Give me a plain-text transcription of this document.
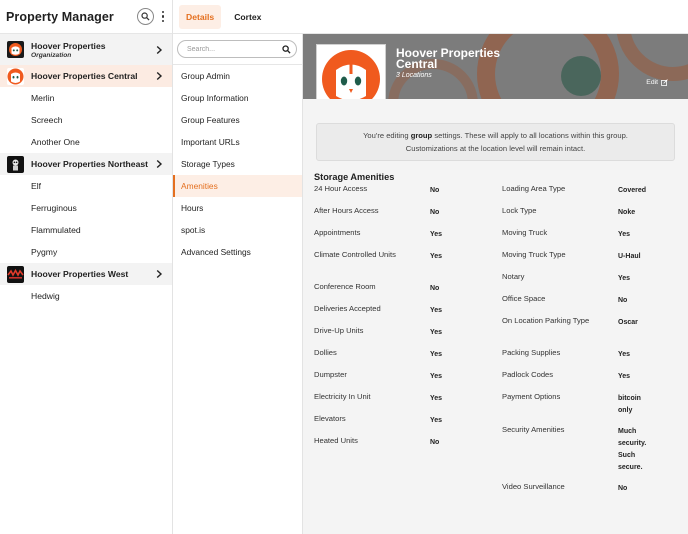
Property Manager
Hoover Properties
Organization
Hoover Properties Central
Merlin
Screech
Another One
Hoover Properties Northeast
Elf
Ferruginous
Flammulated
Pygmy
Hoover Properties West
Hedwig
Details	Cortex
Search...
Group Admin
Group Information
Group Features
Important URLs
Storage Types
Amenities
Hours
spot.is
Advanced Settings
Hoover Properties Central
3 Locations
Edit
You're editing group settings. These will apply to all locations within this group.
Customizations at the location level will remain intact.
Storage Amenities
24 Hour Access	No
After Hours Access	No
Appointments	Yes
Climate Controlled Units	Yes
Conference Room	No
Deliveries Accepted	Yes
Drive-Up Units	Yes
Dollies	Yes
Dumpster	Yes
Electricity In Unit	Yes
Elevators	Yes
Heated Units	No
Loading Area Type	Covered
Lock Type	Noke
Moving Truck	Yes
Moving Truck Type	U-Haul
Notary	Yes
Office Space	No
On Location Parking Type	Oscar
Packing Supplies	Yes
Padlock Codes	Yes
Payment Options	bitcoin only
Security Amenities	Much security. Such secure.
Video Surveillance	No
